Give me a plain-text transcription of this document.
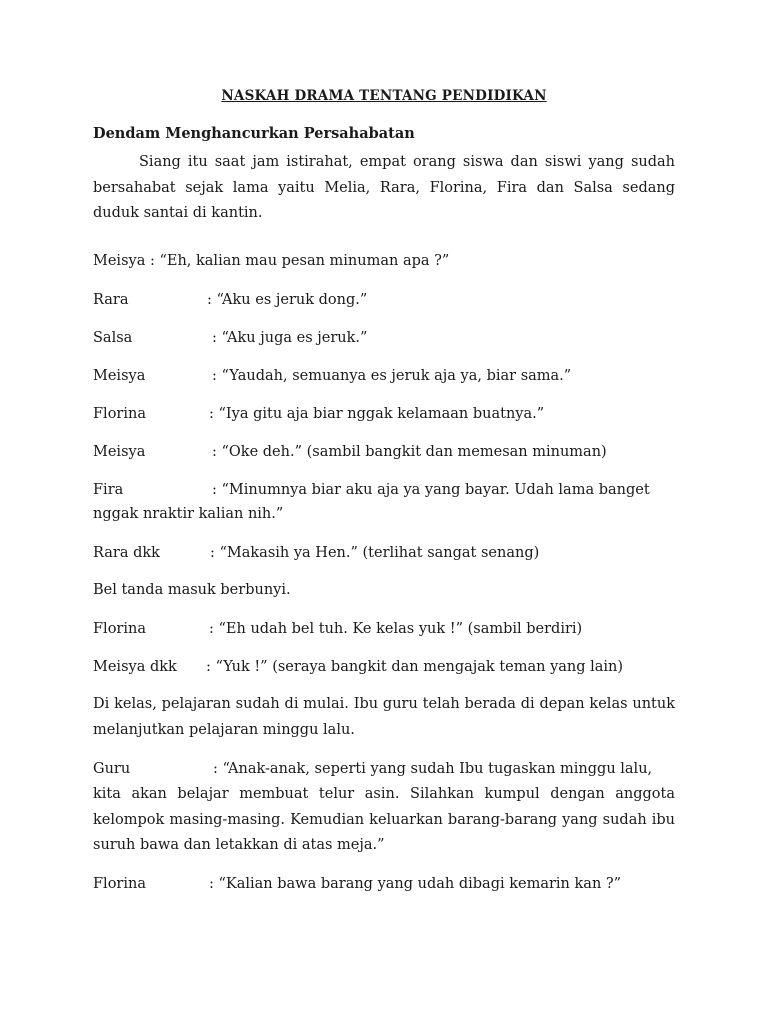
NASKAH DRAMA TENTANG PENDIDIKAN
Dendam Menghancurkan Persahabatan
Siang itu saat jam istirahat, empat orang siswa dan siswi yang sudah bersahabat sejak lama yaitu Melia, Rara, Florina, Fira dan Salsa sedang duduk santai di kantin.
Meisya : “Eh, kalian mau pesan minuman apa ?”
Rara	: “Aku es jeruk dong.”
Salsa	: “Aku juga es jeruk.”
Meisya	: “Yaudah, semuanya es jeruk aja ya, biar sama.”
Florina	: “Iya gitu aja biar nggak kelamaan buatnya.”
Meisya	: “Oke deh.” (sambil bangkit dan memesan minuman)
Fira	: “Minumnya biar aku aja ya yang bayar. Udah lama banget
nggak nraktir kalian nih.”
Rara dkk	: “Makasih ya Hen.” (terlihat sangat senang)
Bel tanda masuk berbunyi.
Florina	: “Eh udah bel tuh. Ke kelas yuk !” (sambil berdiri)
Meisya dkk : “Yuk !” (seraya bangkit dan mengajak teman yang lain)
Di kelas, pelajaran sudah di mulai. Ibu guru telah berada di depan kelas untuk melanjutkan pelajaran minggu lalu.
Guru	: “Anak-anak, seperti yang sudah Ibu tugaskan minggu lalu,
kita akan belajar membuat telur asin. Silahkan kumpul dengan anggota kelompok masing-masing. Kemudian keluarkan barang-barang yang sudah ibu suruh bawa dan letakkan di atas meja.”
Florina	: “Kalian bawa barang yang udah dibagi kemarin kan ?”
